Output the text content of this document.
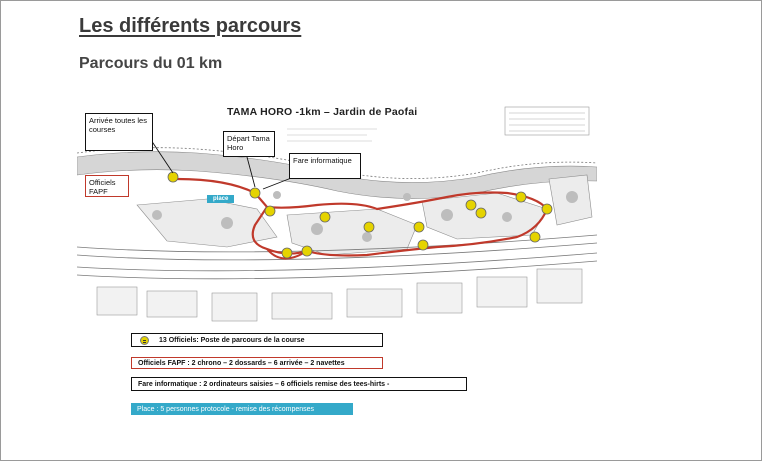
Les différents parcours
Parcours du 01 km
TAMA HORO -1km – Jardin de Paofai
Arrivée toutes les courses
Départ Tama Horo
Fare informatique
Officiels FAPF
place
13 Officiels: Poste de parcours de la course
Officiels FAPF : 2 chrono – 2 dossards – 6 arrivée – 2 navettes
Fare informatique : 2 ordinateurs saisies – 6 officiels remise des tees-hirts -
Place : 5 personnes protocole - remise des récompenses
